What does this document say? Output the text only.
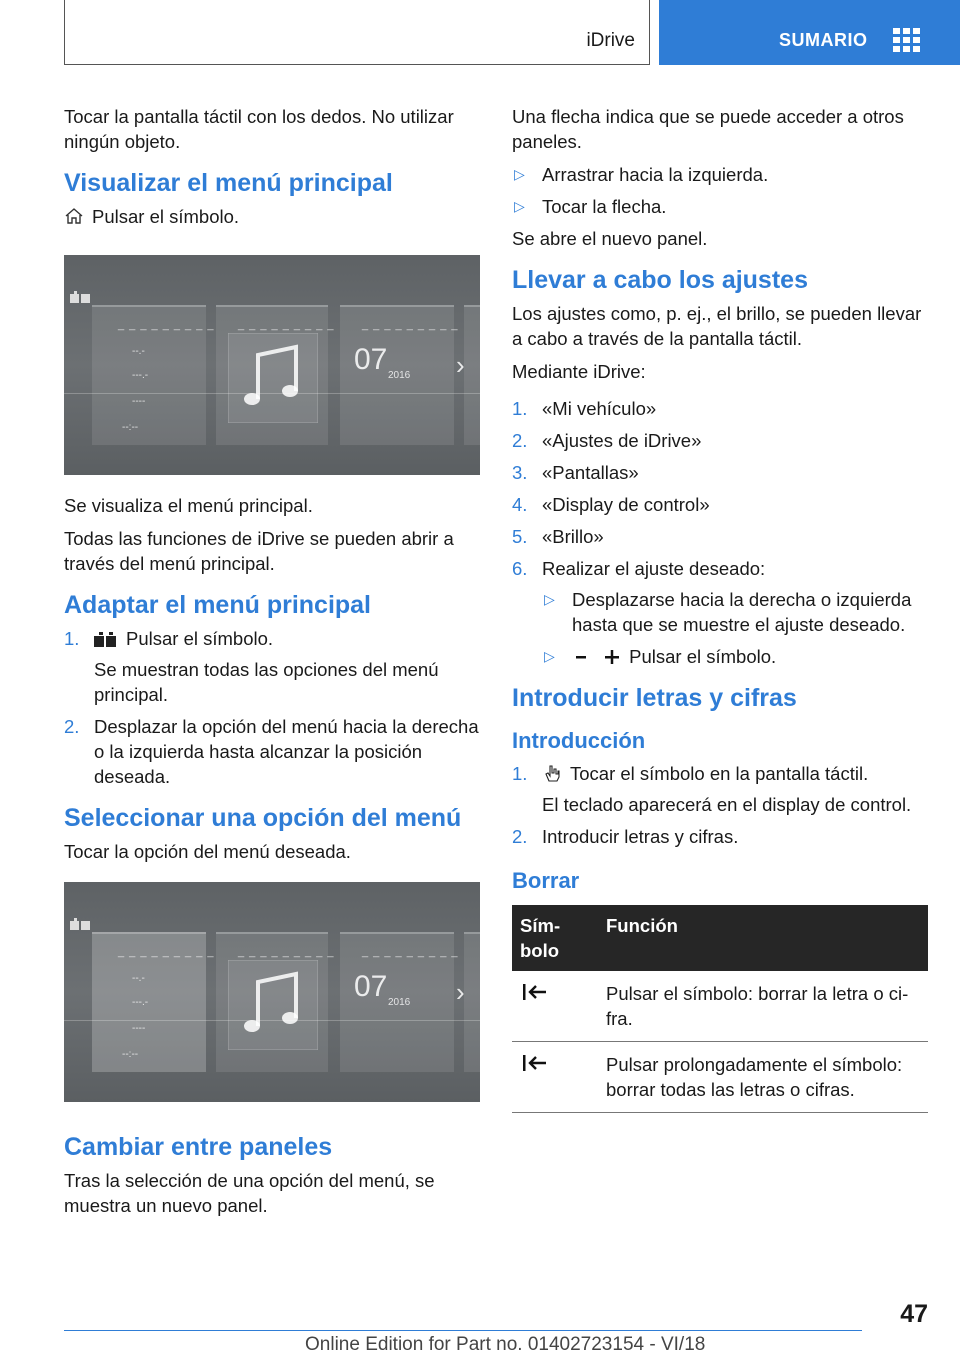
iDrive	SUMARIO

Tocar la pantalla táctil con los dedos. No utilizar ningún objeto.

Visualizar el menú principal

Pulsar el símbolo.

_ _ _ _ _ _ _ _ _ _ _ _ _ _ _ _ _ _ _ _ _ _ _ _ _ _ _
--.-
---.-
----
--:--
07 2016 ›

Se visualiza el menú principal.

Todas las funciones de iDrive se pueden abrir a través del menú principal.

Adaptar el menú principal
1.	Pulsar el símbolo.
Se muestran todas las opciones del menú principal.
2. Desplazar la opción del menú hacia la derecha o la izquierda hasta alcanzar la posición deseada.
Seleccionar una opción del menú

Tocar la opción del menú deseada.

_ _ _ _ _ _ _ _ _ _ _ _ _ _ _ _ _ _ _ _ _ _ _ _ _ _ _
--.-
---.-
----
--:--
07 2016 ›
Cambiar entre paneles

Tras la selección de una opción del menú, se muestra un nuevo panel.

Una flecha indica que se puede acceder a otros paneles.

▷ Arrastrar hacia la izquierda.
▷ Tocar la flecha.

Se abre el nuevo panel.

Llevar a cabo los ajustes

Los ajustes como, p. ej., el brillo, se pueden llevar a cabo a través de la pantalla táctil.

Mediante iDrive:

1. «Mi vehículo»
2. «Ajustes de iDrive»
3. «Pantallas»
4. «Display de control»
5. «Brillo»
6. Realizar el ajuste deseado:
▷ Desplazarse hacia la derecha o izquierda hasta que se muestre el ajuste deseado.
▷	Pulsar el símbolo.
Introducir letras y cifras
Introducción
1. Tocar el símbolo en la pantalla táctil.
El teclado aparecerá en el display de control.
2. Introducir letras y cifras.
Borrar
Símbolo	Función
	Pulsar el símbolo: borrar la letra o cifra.
	Pulsar prolongadamente el símbolo: borrar todas las letras o cifras.
47
Online Edition for Part no. 01402723154 - VI/18
